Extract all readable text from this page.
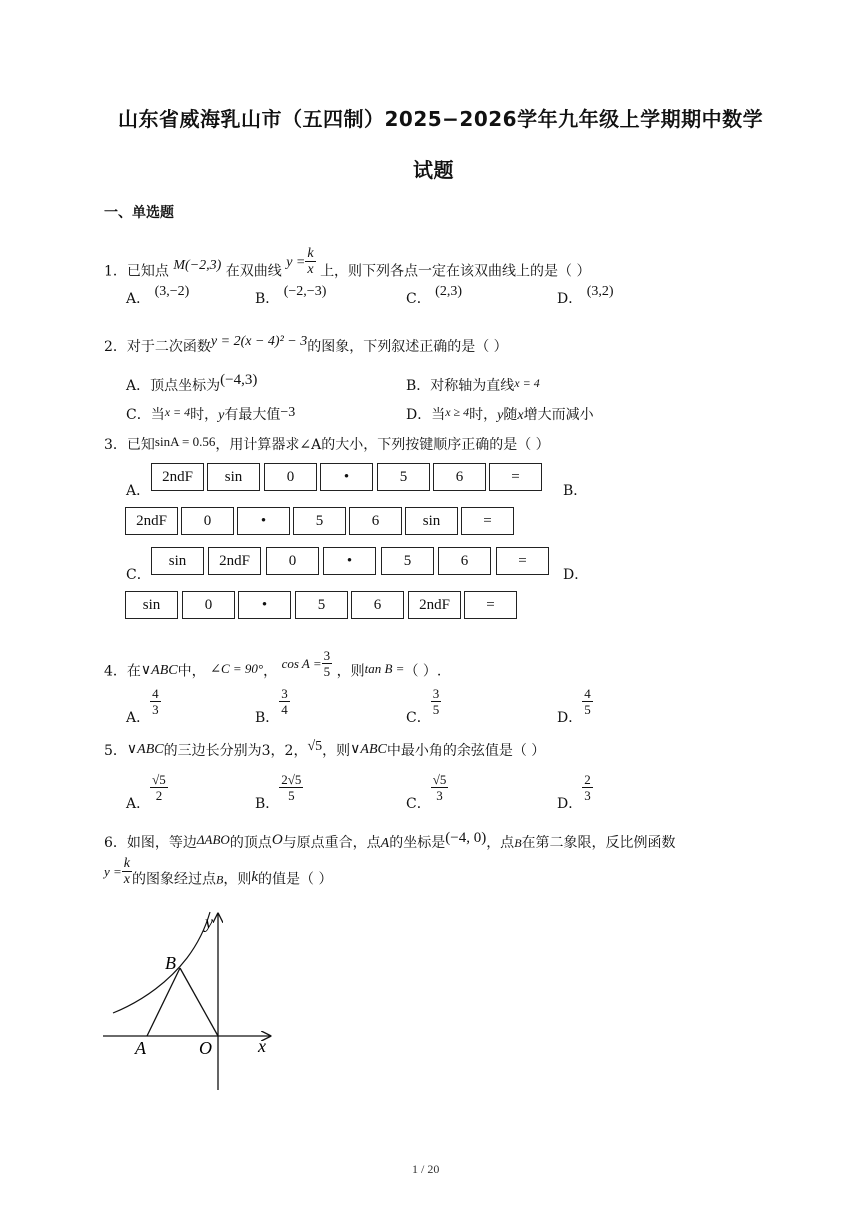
山东省威海乳山市（五四制）2025−2026学年九年级上学期期中数学
试题
一、单选题
1．已知点 M(−2,3) 在双曲线 $y = \frac{k}{x}$ 上，则下列各点一定在该双曲线上的是（ ）
A． (3,−2)	B． (−2,−3)	C． (2,3)	D． (3,2)
2．对于二次函数y = 2(x − 4)² − 3的图象，下列叙述正确的是（ ）
A．顶点坐标为(−4,3)	B．对称轴为直线x = 4
C．当x = 4时，y有最大值−3	D．当x ≥ 4时，y随x增大而减小
3．已知sinA = 0.56，用计算器求∠A的大小，下列按键顺序正确的是（ ）
A．
2ndF	sin	0	•	5	6	=
B．
2ndF	0	•	5	6	sin	=
C．
sin	2ndF	0	•	5	6	=
D．
sin	0	•	5	6	2ndF	=
4．在∨ABC中， ∠C = 90°， $\cos A = \frac{3}{5}$ ，则tan B =（ ）.
A．
$\frac{4}{3}$
B．
$\frac{3}{4}$
C．
$\frac{3}{5}$
D．
$\frac{4}{5}$
5．∨ABC的三边长分别为3，2，√5，则∨ABC中最小角的余弦值是（ ）
A．
$\frac{√5}{2}$
B．
$\frac{2√5}{5}$
C．
$\frac{√5}{3}$
D．
$\frac{2}{3}$
6．如图，等边ΔABO的顶点O与原点重合，点A的坐标是(−4, 0)，点B在第二象限，反比例函数
$y = \frac{k}{x}$ 的图象经过点B，则k的值是（ ）
y
x
B
A	O
1 / 20
